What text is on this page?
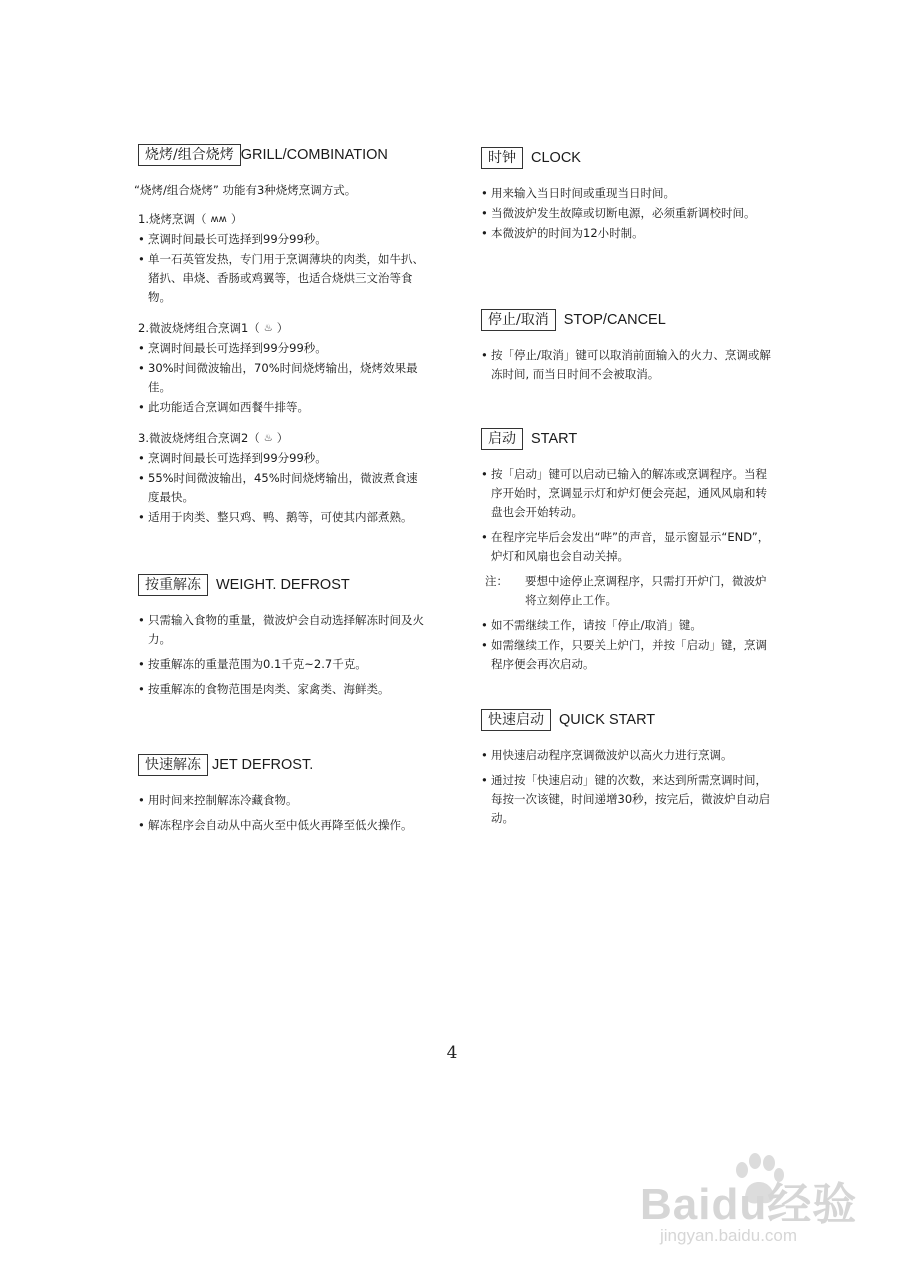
烧烤/组合烧烤 GRILL/COMBINATION

“烧烤/组合烧烤” 功能有3种烧烤烹调方式。

1.烧烤烹调（ ʍʍ ）

• 烹调时间最长可选择到99分99秒。
• 单一石英管发热，专门用于烹调薄块的肉类，如牛扒、猪扒、串烧、香肠或鸡翼等，也适合烧烘三文治等食物。

2.微波烧烤组合烹调1（ ♨ ）

• 烹调时间最长可选择到99分99秒。
• 30%时间微波输出，70%时间烧烤输出，烧烤效果最佳。
• 此功能适合烹调如西餐牛排等。

3.微波烧烤组合烹调2（ ♨ ）

• 烹调时间最长可选择到99分99秒。
• 55%时间微波输出，45%时间烧烤输出，微波煮食速度最快。
• 适用于肉类、整只鸡、鸭、鹅等，可使其内部煮熟。
按重解冻	WEIGHT. DEFROST
• 只需输入食物的重量，微波炉会自动选择解冻时间及火力。
• 按重解冻的重量范围为0.1千克~2.7千克。
• 按重解冻的食物范围是肉类、家禽类、海鲜类。
快速解冻 JET DEFROST.
• 用时间来控制解冻冷藏食物。
• 解冻程序会自动从中高火至中低火再降至低火操作。
时钟	CLOCK
• 用来输入当日时间或重现当日时间。
• 当微波炉发生故障或切断电源，必须重新调校时间。
• 本微波炉的时间为12小时制。
停止/取消	STOP/CANCEL
• 按「停止/取消」键可以取消前面输入的火力、烹调或解冻时间, 而当日时间不会被取消。
启动	START
• 按「启动」键可以启动已输入的解冻或烹调程序。当程序开始时，烹调显示灯和炉灯便会亮起，通风风扇和转盘也会开始转动。
• 在程序完毕后会发出“哔”的声音，显示窗显示“END”，炉灯和风扇也会自动关掉。
注：	要想中途停止烹调程序，只需打开炉门，微波炉将立刻停止工作。
• 如不需继续工作，请按「停止/取消」键。
• 如需继续工作，只要关上炉门，并按「启动」键，烹调程序便会再次启动。
快速启动	QUICK START
• 用快速启动程序烹调微波炉以高火力进行烹调。
• 通过按「快速启动」键的次数，来达到所需烹调时间，每按一次该键，时间递增30秒，按完后，微波炉自动启动。
4
Baidu经验
jingyan.baidu.com
